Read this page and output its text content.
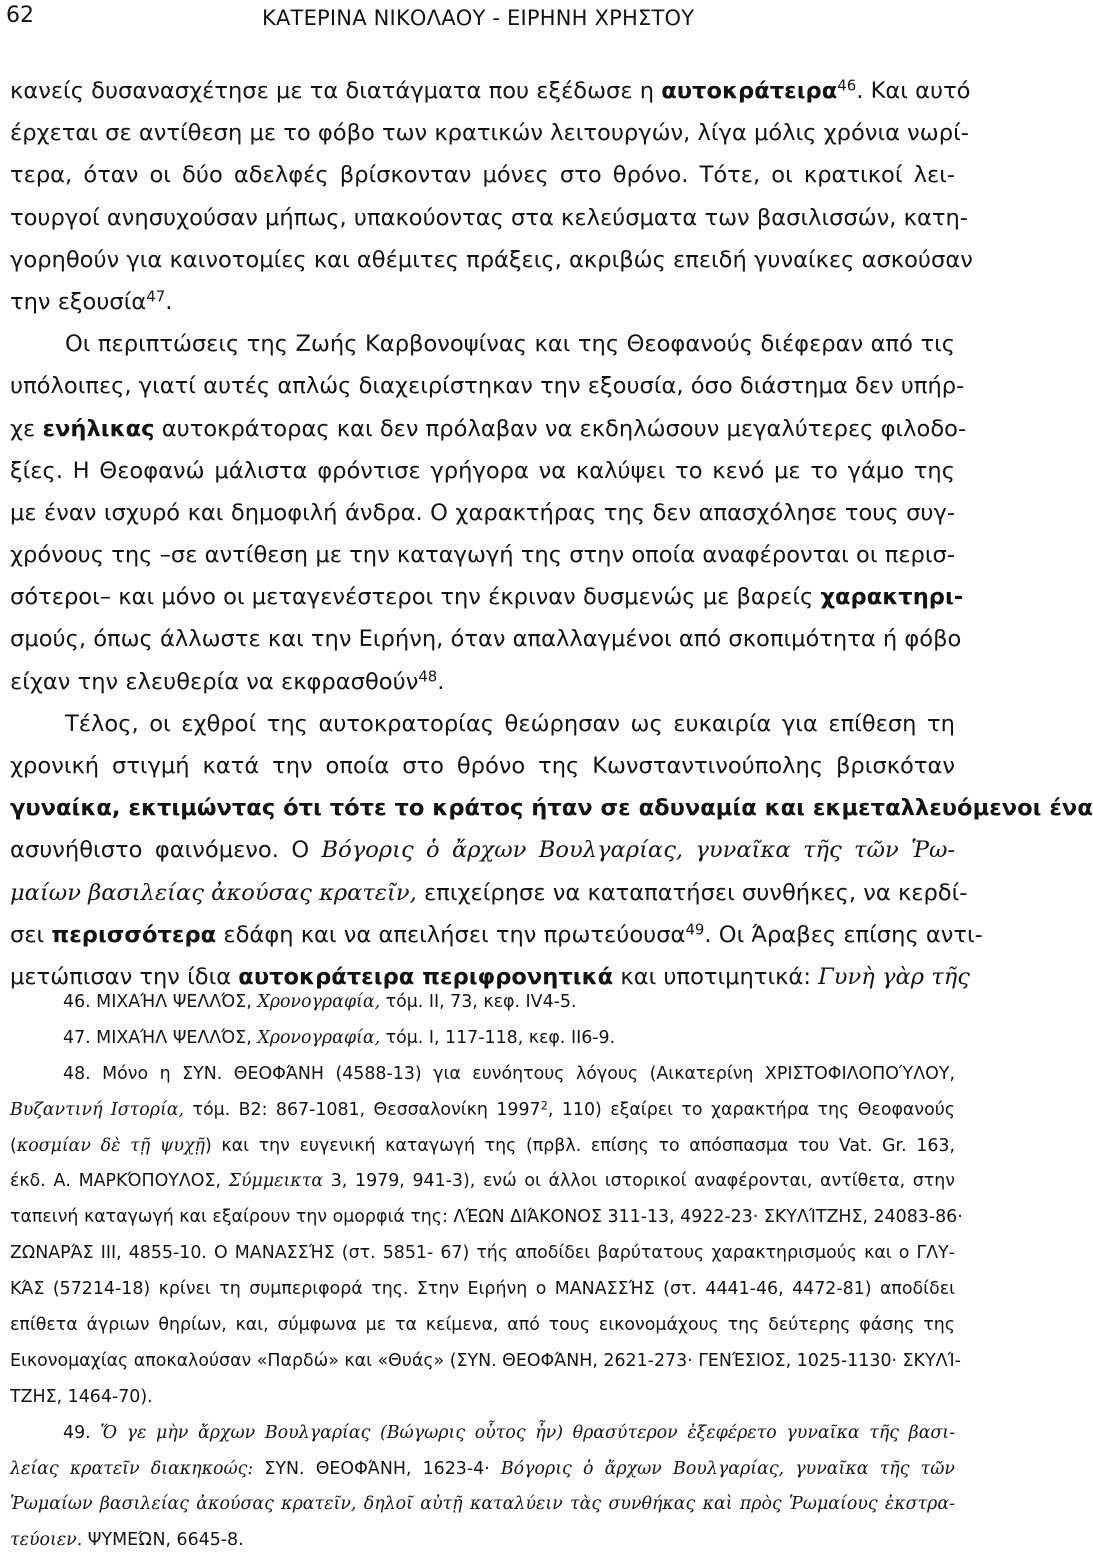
62	ΚΑΤΕΡΙΝΑ ΝΙΚΟΛΑΟΥ - ΕΙΡΗΝΗ ΧΡΗΣΤΟΥ
κανείς δυσανασχέτησε με τα διατάγματα που εξέδωσε η αυτοκράτειρα$^{46}$. Και αυτό
έρχεται σε αντίθεση με το φόβο των κρατικών λειτουργών, λίγα μόλις χρόνια νωρί-
τερα, όταν οι δύο αδελφές βρίσκονταν μόνες στο θρόνο. Τότε, οι κρατικοί λει-
τουργοί ανησυχούσαν μήπως, υπακούοντας στα κελεύσματα των βασιλισσών, κατη-
γορηθούν για καινοτομίες και αθέμιτες πράξεις, ακριβώς επειδή γυναίκες ασκούσαν
την εξουσία$^{47}$.
Οι περιπτώσεις της Ζωής Καρβονοψίνας και της Θεοφανούς διέφεραν από τις
υπόλοιπες, γιατί αυτές απλώς διαχειρίστηκαν την εξουσία, όσο διάστημα δεν υπήρ-
χε ενήλικας αυτοκράτορας και δεν πρόλαβαν να εκδηλώσουν μεγαλύτερες φιλοδο-
ξίες. Η Θεοφανώ μάλιστα φρόντισε γρήγορα να καλύψει το κενό με το γάμο της
με έναν ισχυρό και δημοφιλή άνδρα. Ο χαρακτήρας της δεν απασχόλησε τους συγ-
χρόνους της –σε αντίθεση με την καταγωγή της στην οποία αναφέρονται οι περισ-
σότεροι– και μόνο οι μεταγενέστεροι την έκριναν δυσμενώς με βαρείς χαρακτηρι-
σμούς, όπως άλλωστε και την Ειρήνη, όταν απαλλαγμένοι από σκοπιμότητα ή φόβο
είχαν την ελευθερία να εκφρασθούν$^{48}$.
Τέλος, οι εχθροί της αυτοκρατορίας θεώρησαν ως ευκαιρία για επίθεση τη
χρονική στιγμή κατά την οποία στο θρόνο της Κωνσταντινούπολης βρισκόταν
γυναίκα, εκτιμώντας ότι τότε το κράτος ήταν σε αδυναμία και εκμεταλλευόμενοι ένα
ασυνήθιστο φαινόμενο. Ο Βόγορις ὁ ἄρχων Βουλγαρίας, γυναῖκα τῆς τῶν Ῥω-
μαίων βασιλείας ἀκούσας κρατεῖν, επιχείρησε να καταπατήσει συνθήκες, να κερδί-
σει περισσότερα εδάφη και να απειλήσει την πρωτεύουσα$^{49}$. Οι Άραβες επίσης αντι-
μετώπισαν την ίδια αυτοκράτειρα περιφρονητικά και υποτιμητικά: Γυνὴ γὰρ τῆς
46. ΜΙΧΑΉΛ ΨΕΛΛΌΣ, Χρονογραφία, τόμ. ΙΙ, 73, κεφ. IV4-5.
47. ΜΙΧΑΉΛ ΨΕΛΛΌΣ, Χρονογραφία, τόμ. Ι, 117-118, κεφ. ΙΙ6-9.
48. Μόνο η ΣΥΝ. ΘΕΟΦΆΝΗ (4588-13) για ευνόητους λόγους (Αικατερίνη ΧΡΙΣΤΟΦΙΛΟΠΟΎΛΟΥ,
Βυζαντινή Ιστορία, τόμ. Β2: 867-1081, Θεσσαλονίκη 1997$^2$, 110) εξαίρει το χαρακτήρα της Θεοφανούς
(κοσμίαν δὲ τῇ ψυχῇ) και την ευγενική καταγωγή της (πρβλ. επίσης το απόσπασμα του Vat. Gr. 163,
έκδ. Α. ΜΑΡΚΌΠΟΥΛΟΣ, Σύμμεικτα 3, 1979, 941-3), ενώ οι άλλοι ιστορικοί αναφέρονται, αντίθετα, στην
ταπεινή καταγωγή και εξαίρουν την ομορφιά της: ΛΈΩΝ ΔΙΆΚΟΝΟΣ 311-13, 4922-23· ΣΚΥΛΊΤΖΗΣ, 24083-86·
ΖΩΝΑΡΆΣ ΙΙΙ, 4855-10. Ο ΜΑΝΑΣΣΉΣ (στ. 5851- 67) τής αποδίδει βαρύτατους χαρακτηρισμούς και ο ΓΛΥ-
ΚΆΣ (57214-18) κρίνει τη συμπεριφορά της. Στην Ειρήνη ο ΜΑΝΑΣΣΉΣ (στ. 4441-46, 4472-81) αποδίδει
επίθετα άγριων θηρίων, και, σύμφωνα με τα κείμενα, από τους εικονομάχους της δεύτερης φάσης της
Εικονομαχίας αποκαλούσαν «Παρδώ» και «Θυάς» (ΣΥΝ. ΘΕΟΦΆΝΗ, 2621-273· ΓΕΝΈΣΙΟΣ, 1025-1130· ΣΚΥΛΊ-
ΤΖΗΣ, 1464-70).
49. Ὅ γε μὴν ἄρχων Βουλγαρίας (Βώγωρις οὗτος ἦν) θρασύτερον ἐξεφέρετο γυναῖκα τῆς βασι-
λείας κρατεῖν διακηκοώς: ΣΥΝ. ΘΕΟΦΆΝΗ, 1623-4· Βόγορις ὁ ἄρχων Βουλγαρίας, γυναῖκα τῆς τῶν
Ῥωμαίων βασιλείας ἀκούσας κρατεῖν, δηλοῖ αὐτῇ καταλύειν τὰς συνθήκας καὶ πρὸς Ῥωμαίους ἐκστρα-
τεύοιεν. ΨΥΜΕΏΝ, 6645-8.
